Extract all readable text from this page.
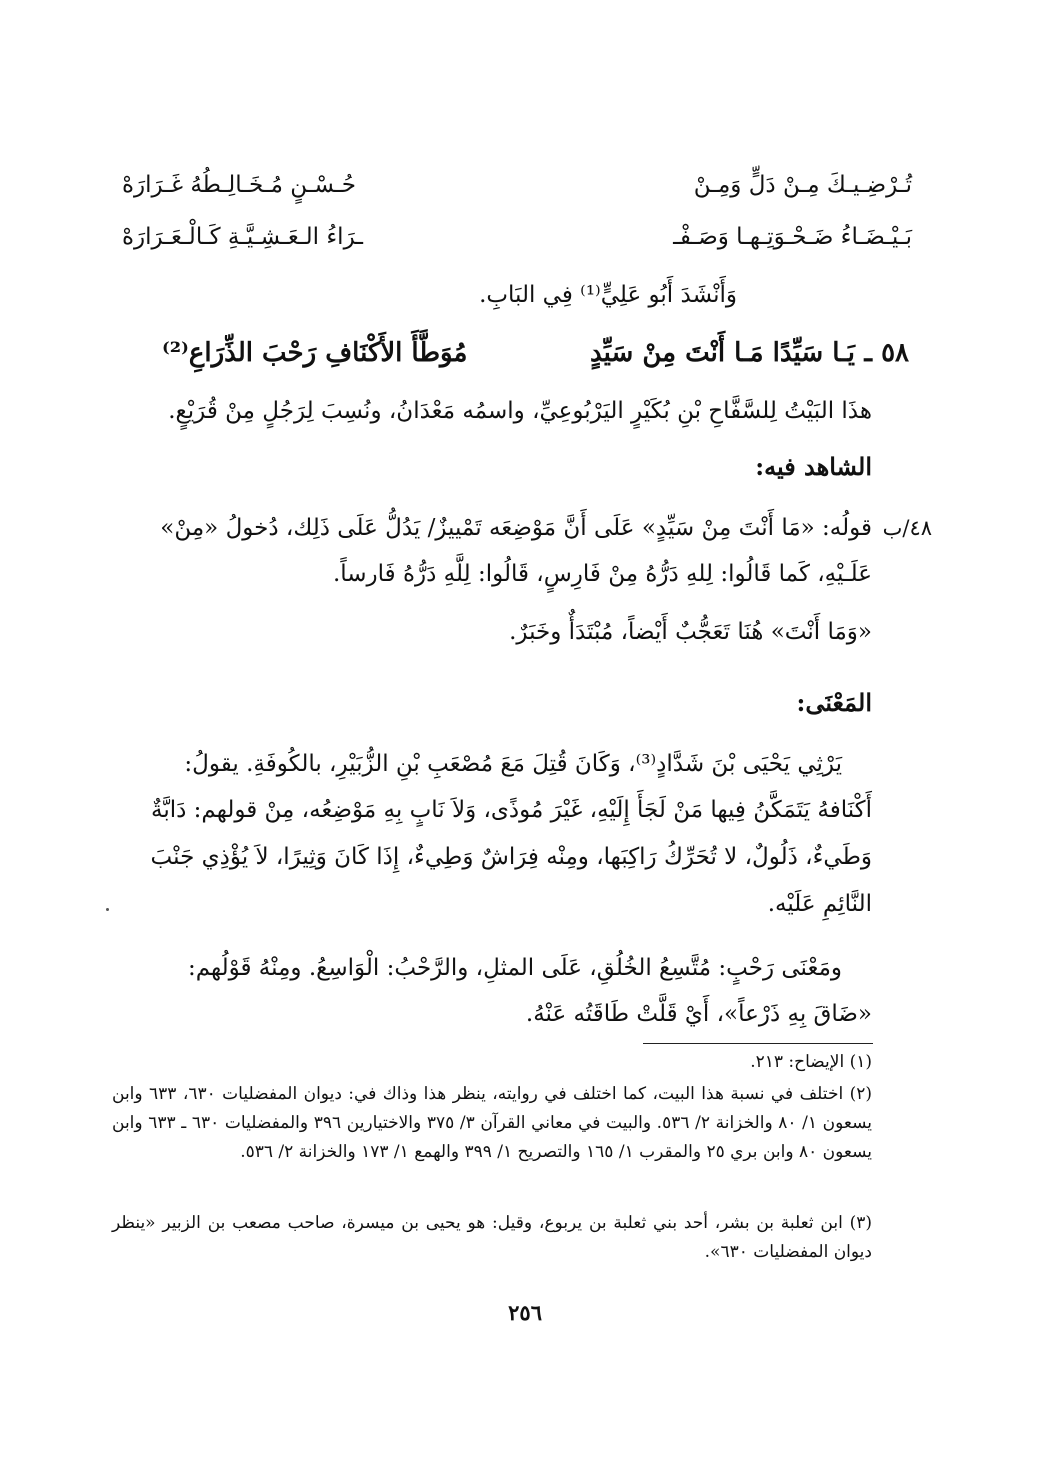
تُـرْضِـيـكَ مِـنْ دَلٍّ وَمِـنْ
حُـسْـنٍ مُـخَـالِـطُهُ غَـرَارَهْ
بَـيْـضَـاءُ ضَـحْـوَتِـهـا وَصَـفْـ
ـرَاءُ الـعَـشِـيَّـةِ كَـالْـعَـرَارَهْ
وَأَنْشَدَ أَبُو عَلِيٍّ⁽¹⁾ فِي البَابِ.
٥٨ ـ
يَـا سَيِّدًا مَـا أَنْتَ مِنْ سَيِّدٍ
مُوَطَّأَ الأَكْنَافِ رَحْبَ الذِّرَاعِ⁽²⁾
هذَا البَيْتُ لِلسَّفَّاحِ بْنِ بُكَيْرٍ اليَرْبُوعِيِّ، واسمُه مَعْدَانُ، ونُسِبَ لِرَجُلٍ مِنْ قُرَيْعٍ.
الشاهد فيه:
٤٨/ب
قولُه: «مَا أَنْتَ مِنْ سَيِّدٍ» عَلَى أَنَّ مَوْضِعَه تَمْييزٌ/ يَدُلُّ عَلَى ذَلِك، دُخولُ «مِنْ»
عَلَـيْهِ، كَما قَالُوا: لِلهِ دَرُّهُ مِنْ فَارِسٍ، قَالُوا: لِلَّهِ دَرُّهُ فَارساً.
«وَمَا أَنْتَ» هُنَا تَعَجُّبٌ أَيْضاً، مُبْتَدَأٌ وخَبَرٌ.
المَعْنَى:
يَرْثِي يَحْيَى بْنَ شَدَّادٍ⁽³⁾، وَكَانَ قُتِلَ مَعَ مُصْعَبِ بْنِ الزُّبَيْرِ، بالكُوفَةِ. يقولُ:
أَكْنَافهُ يَتَمَكَّنُ فِيها مَنْ لَجَأَ إِلَيْهِ، غَيْرَ مُوذًى، وَلاَ نَابٍ بِهِ مَوْضِعُه، مِنْ قولهم: دَابَّةٌ
وَطَيءٌ، ذَلُولٌ، لا تُحَرِّكُ رَاكِبَها، ومِنْه فِرَاشٌ وَطِيءٌ، إِذَا كَانَ وَثِيرًا، لاَ يُؤْذِي جَنْبَ
النَّائِمِ عَلَيْه.
ومَعْنَى رَحْبٍ: مُتَّسِعُ الخُلُقِ، عَلَى المثلِ، والرَّحْبُ: الْوَاسِعُ. ومِنْهُ قَوْلُهم:
«ضَاقَ بِهِ ذَرْعاً»، أَيْ قَلَّتْ طَاقَتُه عَنْهُ.
(١) الإيضاح: ٢١٣.
(٢) اختلف في نسبة هذا البيت، كما اختلف في روايته، ينظر هذا وذاك في: ديوان المفضليات ٦٣٠، ٦٣٣ وابن يسعون ١/ ٨٠ والخزانة ٢/ ٥٣٦. والبيت في معاني القرآن ٣/ ٣٧٥ والاختيارين ٣٩٦ والمفضليات ٦٣٠ ـ ٦٣٣ وابن يسعون ٨٠ وابن بري ٢٥ والمقرب ١/ ١٦٥ والتصريح ١/ ٣٩٩ والهمع ١/ ١٧٣ والخزانة ٢/ ٥٣٦.
(٣) ابن ثعلبة بن بشر، أحد بني ثعلبة بن يربوع، وقيل: هو يحيى بن ميسرة، صاحب مصعب بن الزبير «ينظر ديوان المفضليات ٦٣٠».
٢٥٦
